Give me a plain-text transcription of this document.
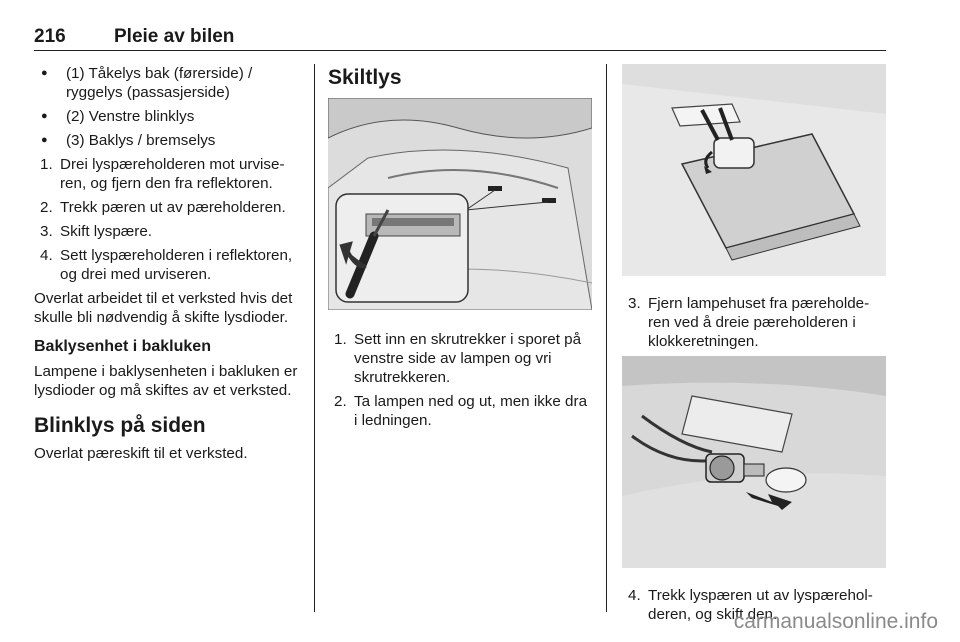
216	Pleie av bilen
● (1) Tåkelys bak (førerside) / ryggelys (passasjerside)
● (2) Venstre blinklys
● (3) Baklys / bremselys
1. Drei lyspæreholderen mot urviseren, og fjern den fra reflektoren.
2. Trekk pæren ut av pæreholderen.
3. Skift lyspære.
4. Sett lyspæreholderen i reflektoren, og drei med urviseren.

Overlat arbeidet til et verksted hvis det skulle bli nødvendig å skifte lysdioder.

Baklysenhet i bakluken

Lampene i baklysenheten i bakluken er lysdioder og må skiftes av et verksted.

Blinklys på siden

Overlat pæreskift til et verksted.

Skiltlys

1. Sett inn en skrutrekker i sporet på venstre side av lampen og vri skrutrekkeren.
2. Ta lampen ned og ut, men ikke dra i ledningen.
3. Fjern lampehuset fra pæreholderen ved å dreie pæreholderen i klokkeretningen.
4. Trekk lyspæren ut av lyspæreholderen, og skift den.
carmanualsonline.info
